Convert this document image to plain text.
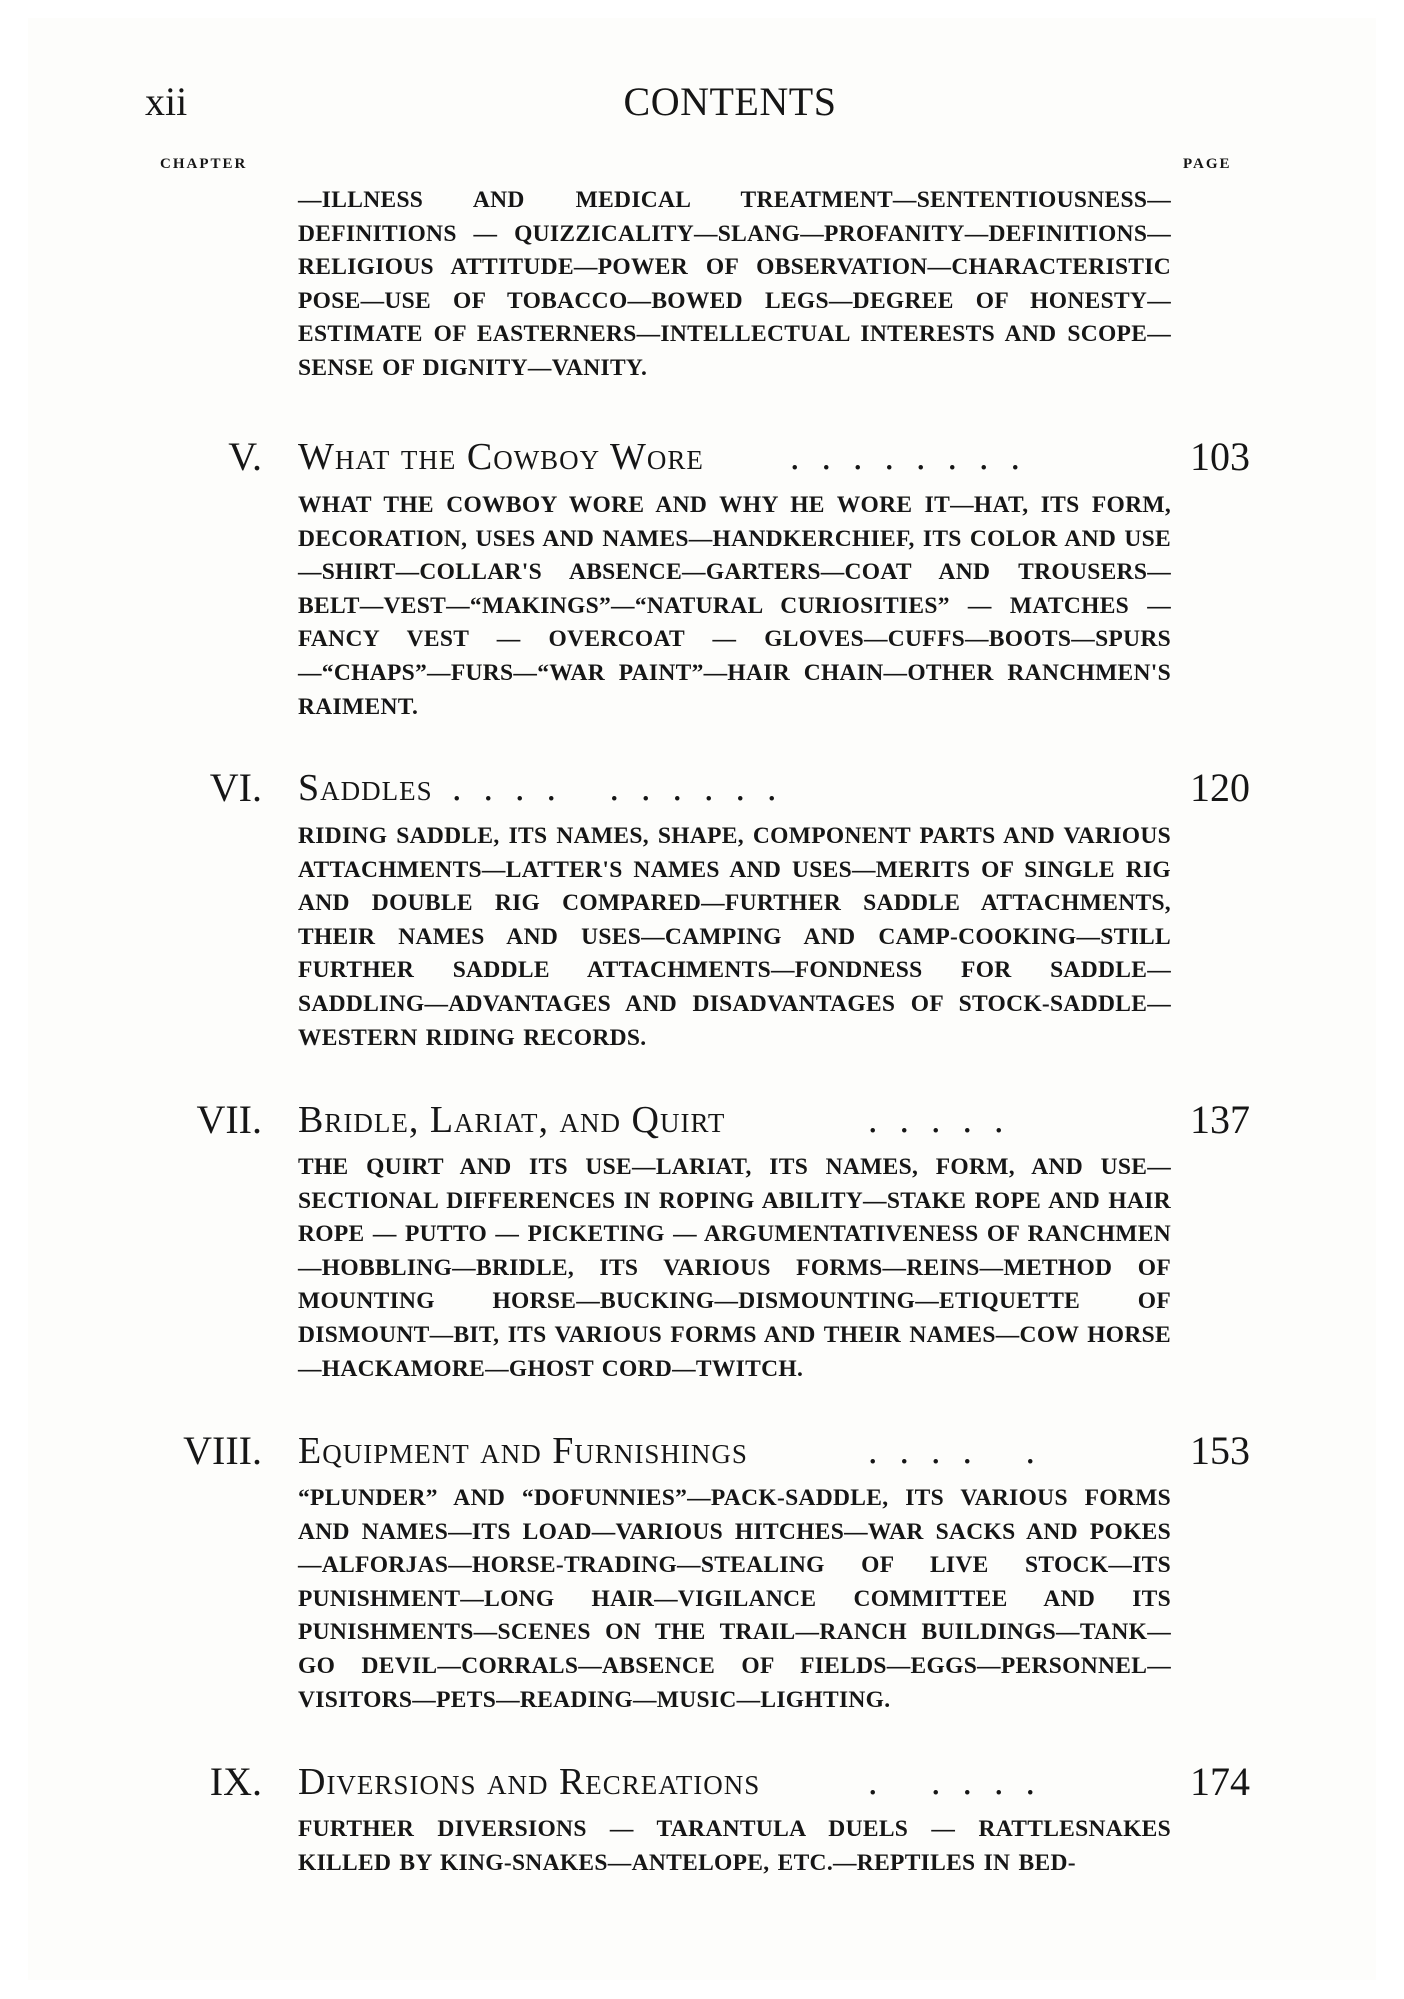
xii	CONTENTS
CHAPTER	PAGE

—ILLNESS AND MEDICAL TREATMENT—SENTENTIOUSNESS—DEFINITIONS — QUIZZICALITY—SLANG—PROFANITY—DEFINITIONS—RELIGIOUS ATTITUDE—POWER OF OBSERVATION—CHARACTERISTIC POSE—USE OF TOBACCO—BOWED LEGS—DEGREE OF HONESTY—ESTIMATE OF EASTERNERS—INTELLECTUAL INTERESTS AND SCOPE—SENSE OF DIGNITY—VANITY.

V. What the Cowboy Wore ........	103

WHAT THE COWBOY WORE AND WHY HE WORE IT—HAT, ITS FORM, DECORATION, USES AND NAMES—HANDKERCHIEF, ITS COLOR AND USE—SHIRT—COLLAR'S ABSENCE—GARTERS—COAT AND TROUSERS—BELT—VEST—“MAKINGS”—“NATURAL CURIOSITIES” — MATCHES — FANCY VEST — OVERCOAT — GLOVES—CUFFS—BOOTS—SPURS—“CHAPS”—FURS—“WAR PAINT”—HAIR CHAIN—OTHER RANCHMEN'S RAIMENT.

VI. Saddles .... ......	120

RIDING SADDLE, ITS NAMES, SHAPE, COMPONENT PARTS AND VARIOUS ATTACHMENTS—LATTER'S NAMES AND USES—MERITS OF SINGLE RIG AND DOUBLE RIG COMPARED—FURTHER SADDLE ATTACHMENTS, THEIR NAMES AND USES—CAMPING AND CAMP-COOKING—STILL FURTHER SADDLE ATTACHMENTS—FONDNESS FOR SADDLE—SADDLING—ADVANTAGES AND DISADVANTAGES OF STOCK-SADDLE—WESTERN RIDING RECORDS.

VII. Bridle, Lariat, and Quirt	.....	137

THE QUIRT AND ITS USE—LARIAT, ITS NAMES, FORM, AND USE—SECTIONAL DIFFERENCES IN ROPING ABILITY—STAKE ROPE AND HAIR ROPE — PUTTO — PICKETING — ARGUMENTATIVENESS OF RANCHMEN—HOBBLING—BRIDLE, ITS VARIOUS FORMS—REINS—METHOD OF MOUNTING HORSE—BUCKING—DISMOUNTING—ETIQUETTE OF DISMOUNT—BIT, ITS VARIOUS FORMS AND THEIR NAMES—COW HORSE—HACKAMORE—GHOST CORD—TWITCH.

VIII. Equipment and Furnishings	.... .	153

“PLUNDER” AND “DOFUNNIES”—PACK-SADDLE, ITS VARIOUS FORMS AND NAMES—ITS LOAD—VARIOUS HITCHES—WAR SACKS AND POKES—ALFORJAS—HORSE-TRADING—STEALING OF LIVE STOCK—ITS PUNISHMENT—LONG HAIR—VIGILANCE COMMITTEE AND ITS PUNISHMENTS—SCENES ON THE TRAIL—RANCH BUILDINGS—TANK—GO DEVIL—CORRALS—ABSENCE OF FIELDS—EGGS—PERSONNEL—VISITORS—PETS—READING—MUSIC—LIGHTING.

IX. Diversions and Recreations	. ....	174

FURTHER DIVERSIONS — TARANTULA DUELS — RATTLESNAKES KILLED BY KING-SNAKES—ANTELOPE, ETC.—REPTILES IN BED-
